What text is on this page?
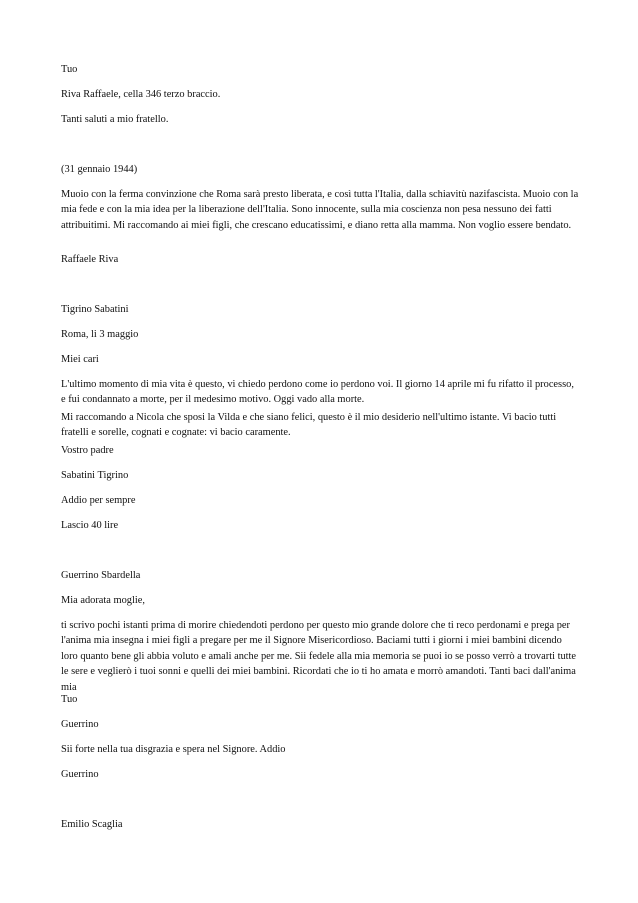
Tuo

Riva Raffaele, cella 346 terzo braccio.

Tanti saluti a mio fratello.

(31 gennaio 1944)

Muoio con la ferma convinzione che Roma sarà presto liberata, e così tutta l'Italia, dalla schiavitù nazifascista. Muoio con la mia fede e con la mia idea per la liberazione dell'Italia. Sono innocente, sulla mia coscienza non pesa nessuno dei fatti attribuitimi. Mi raccomando ai miei figli, che crescano educatissimi, e diano retta alla mamma. Non voglio essere bendato.

Raffaele Riva

Tigrino Sabatini

Roma, li 3 maggio

Miei cari

L'ultimo momento di mia vita è questo, vi chiedo perdono come io perdono voi. Il giorno 14 aprile mi fu rifatto il processo, e fui condannato a morte, per il medesimo motivo. Oggi vado alla morte.

Mi raccomando a Nicola che sposi la Vilda e che siano felici, questo è il mio desiderio nell'ultimo istante. Vi bacio tutti fratelli e sorelle, cognati e cognate: vi bacio caramente.

Vostro padre

Sabatini Tigrino

Addio per sempre

Lascio 40 lire

Guerrino Sbardella

Mia adorata moglie,

ti scrivo pochi istanti prima di morire chiedendoti perdono per questo mio grande dolore che ti reco perdonami e prega per l'anima mia insegna i miei figli a pregare per me il Signore Misericordioso. Baciami tutti i giorni i miei bambini dicendo loro quanto bene gli abbia voluto e amali anche per me. Sii fedele alla mia memoria se puoi io se posso verrò a trovarti tutte le sere e veglierò i tuoi sonni e quelli dei miei bambini. Ricordati che io ti ho amata e morrò amandoti. Tanti baci dall'anima mia

Tuo

Guerrino

Sii forte nella tua disgrazia e spera nel Signore. Addio

Guerrino

Emilio Scaglia
